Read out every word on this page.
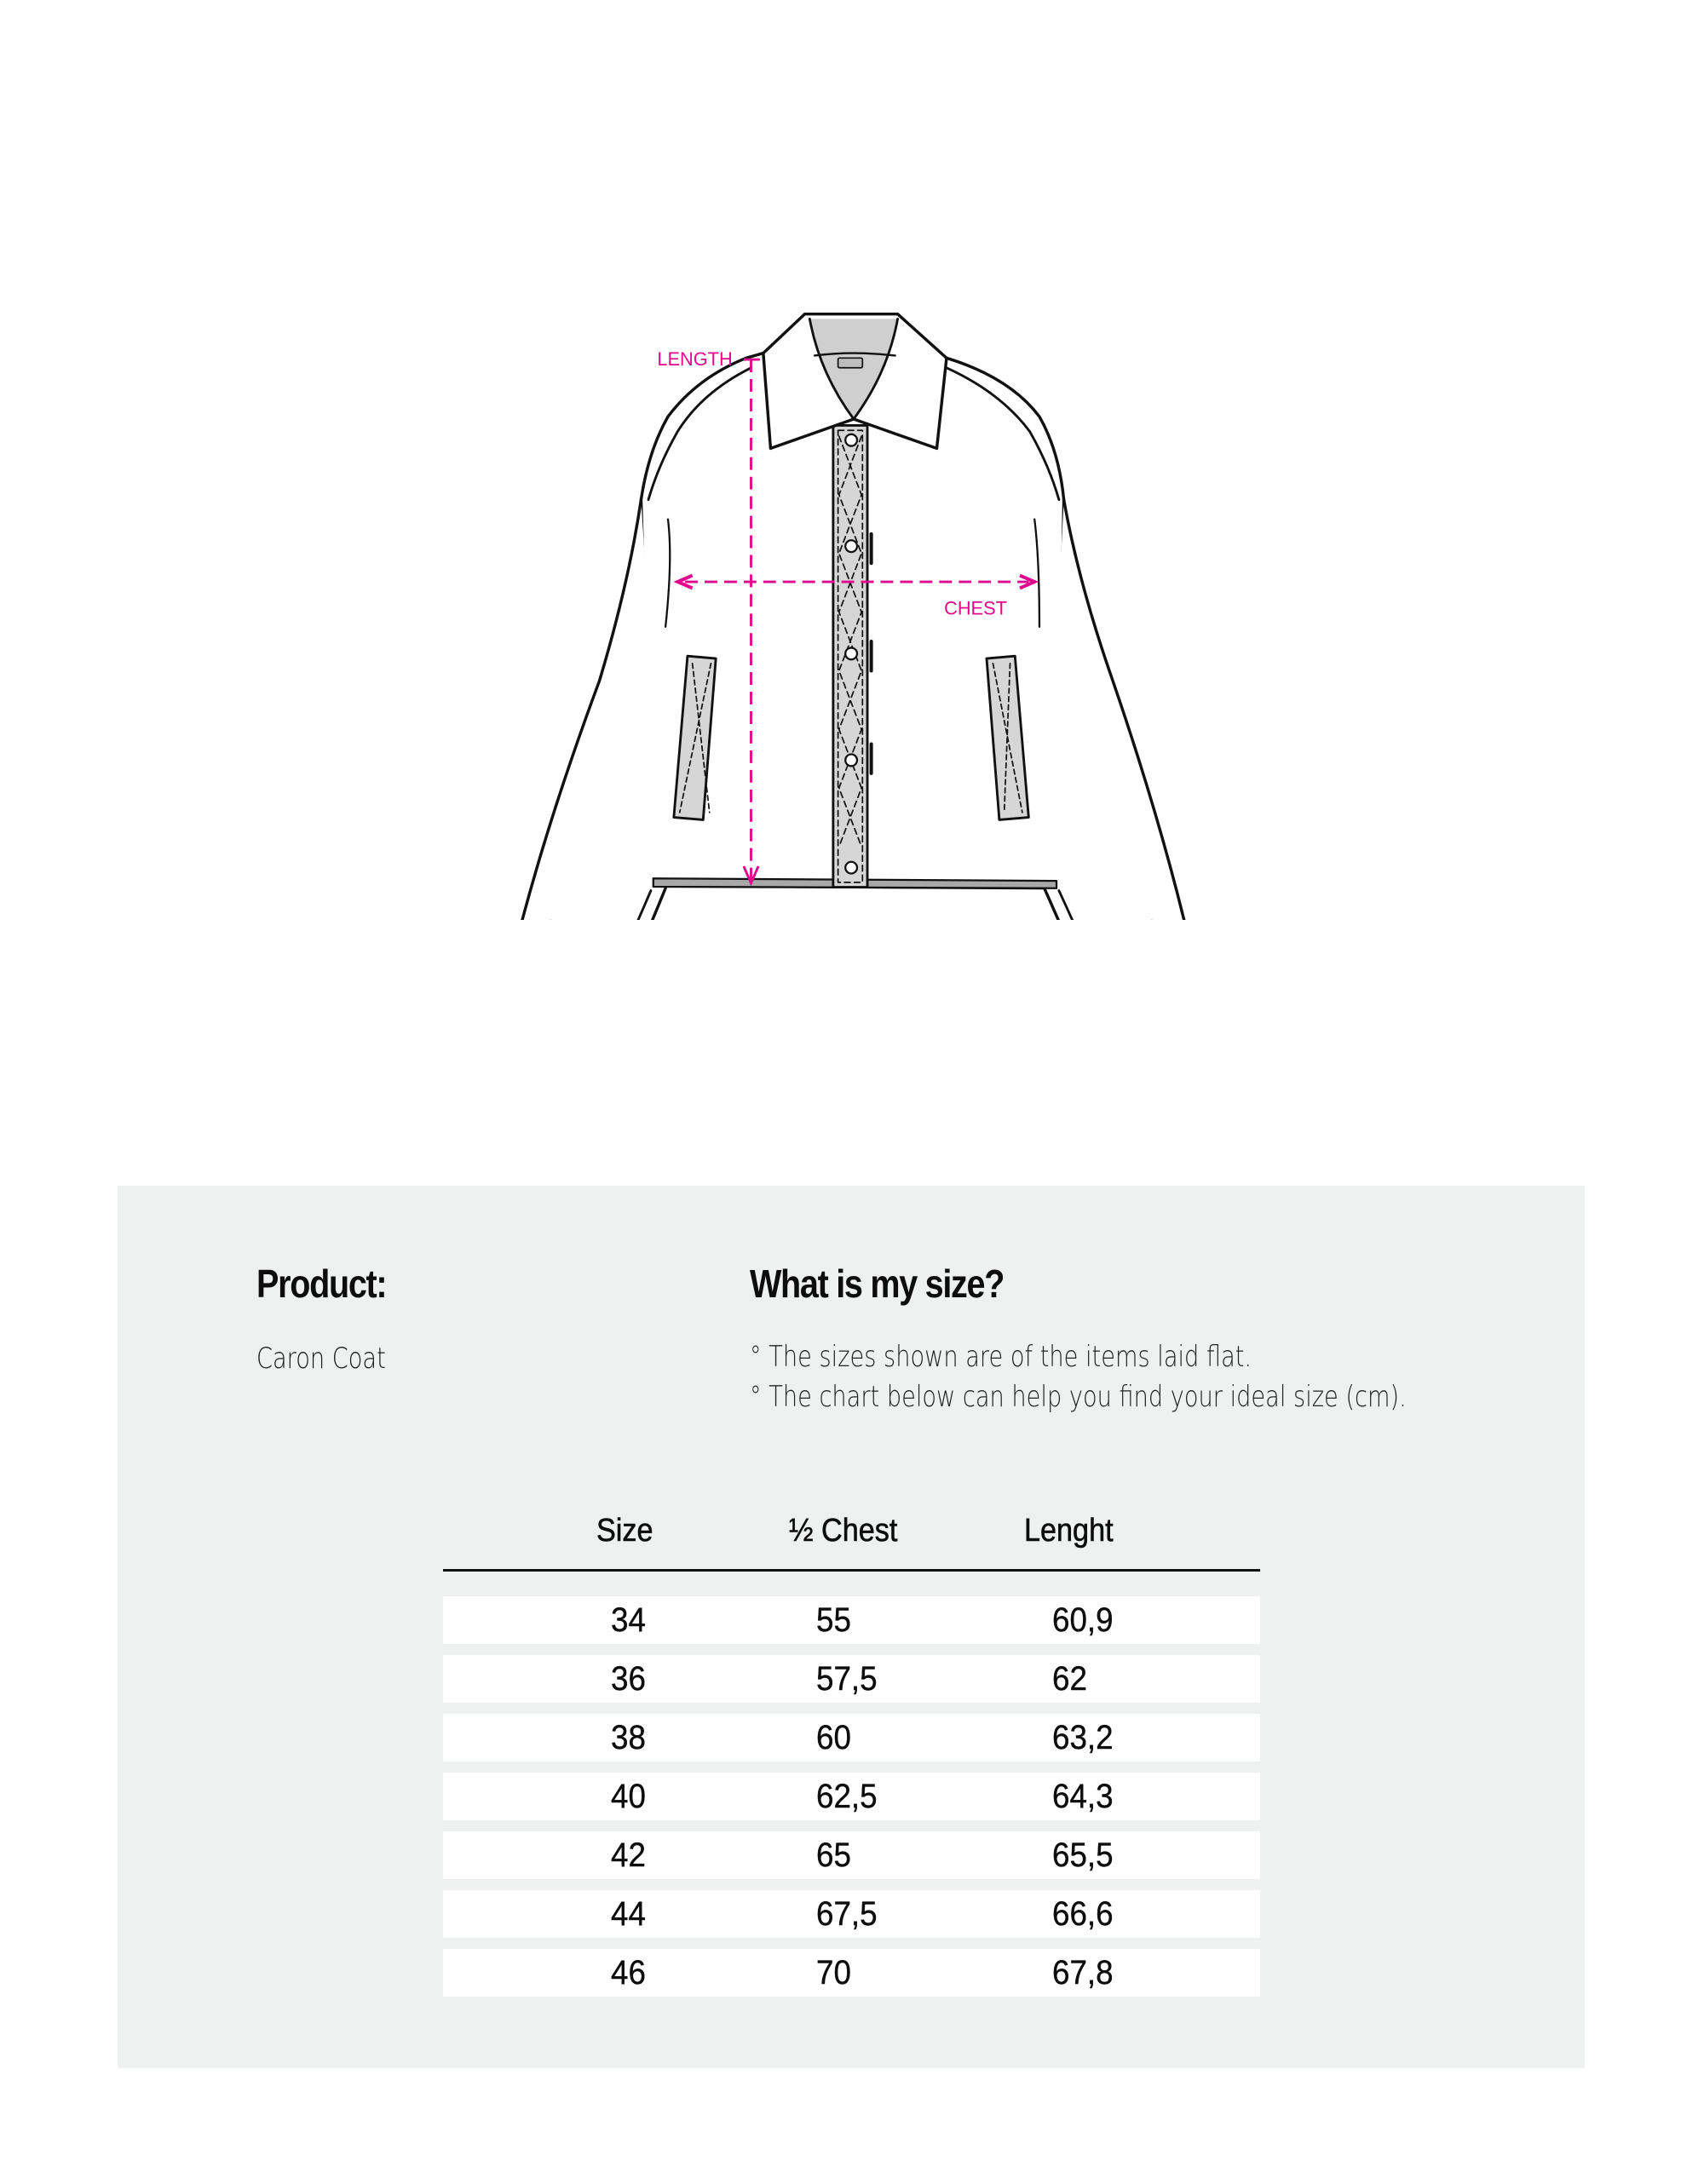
LENGTH
CHEST
Product:
Caron Coat
What is my size?
° The sizes shown are of the items laid flat.
° The chart below can help you find your ideal size (cm).
Size	½ Chest	Lenght
34	55	60,9
36	57,5	62
38	60	63,2
40	62,5	64,3
42	65	65,5
44	67,5	66,6
46	70	67,8
